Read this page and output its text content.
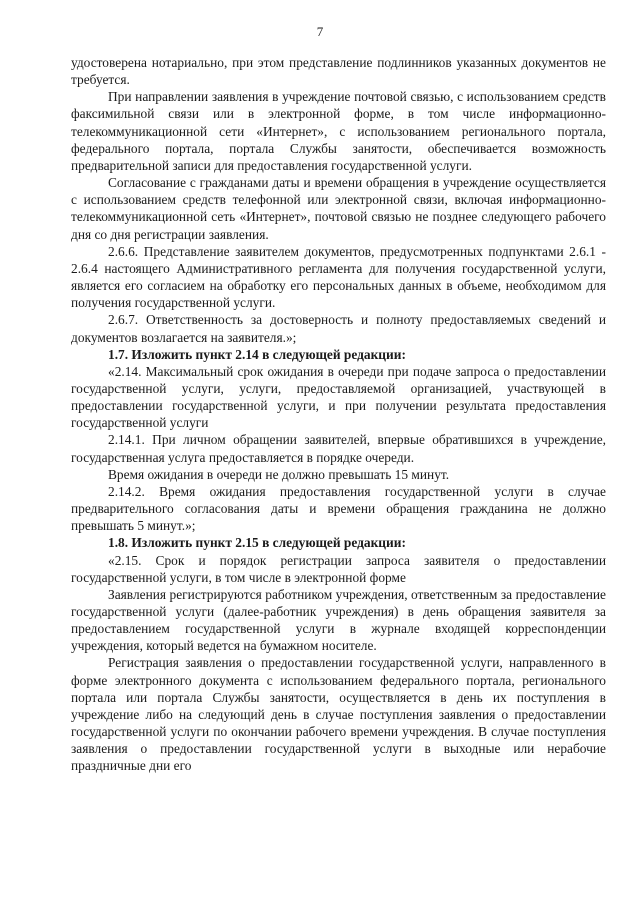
7

удостоверена нотариально, при этом представление подлинников указанных документов не требуется.

При направлении заявления в учреждение почтовой связью, с использованием средств факсимильной связи или в электронной форме, в том числе информационно-телекоммуникационной сети «Интернет», с использованием регионального портала, федерального портала, портала Службы занятости, обеспечивается возможность предварительной записи для предоставления государственной услуги.

Согласование с гражданами даты и времени обращения в учреждение осуществляется с использованием средств телефонной или электронной связи, включая информационно-телекоммуникационной сеть «Интернет», почтовой связью не позднее следующего рабочего дня со дня регистрации заявления.

2.6.6. Представление заявителем документов, предусмотренных подпунктами 2.6.1 - 2.6.4 настоящего Административного регламента для получения государственной услуги, является его согласием на обработку его персональных данных в объеме, необходимом для получения государственной услуги.

2.6.7. Ответственность за достоверность и полноту предоставляемых сведений и документов возлагается на заявителя.»;

1.7. Изложить пункт 2.14 в следующей редакции:

«2.14. Максимальный срок ожидания в очереди при подаче запроса о предоставлении государственной услуги, услуги, предоставляемой организацией, участвующей в предоставлении государственной услуги, и при получении результата предоставления государственной услуги

2.14.1. При личном обращении заявителей, впервые обратившихся в учреждение, государственная услуга предоставляется в порядке очереди.

Время ожидания в очереди не должно превышать 15 минут.

2.14.2. Время ожидания предоставления государственной услуги в случае предварительного согласования даты и времени обращения гражданина не должно превышать 5 минут.»;

1.8. Изложить пункт 2.15 в следующей редакции:

«2.15. Срок и порядок регистрации запроса заявителя о предоставлении государственной услуги, в том числе в электронной форме

Заявления регистрируются работником учреждения, ответственным за предоставление государственной услуги (далее-работник учреждения) в день обращения заявителя за предоставлением государственной услуги в журнале входящей корреспонденции учреждения, который ведется на бумажном носителе.

Регистрация заявления о предоставлении государственной услуги, направленного в форме электронного документа с использованием федерального портала, регионального портала или портала Службы занятости, осуществляется в день их поступления в учреждение либо на следующий день в случае поступления заявления о предоставлении государственной услуги по окончании рабочего времени учреждения. В случае поступления заявления о предоставлении государственной услуги в выходные или нерабочие праздничные дни его
